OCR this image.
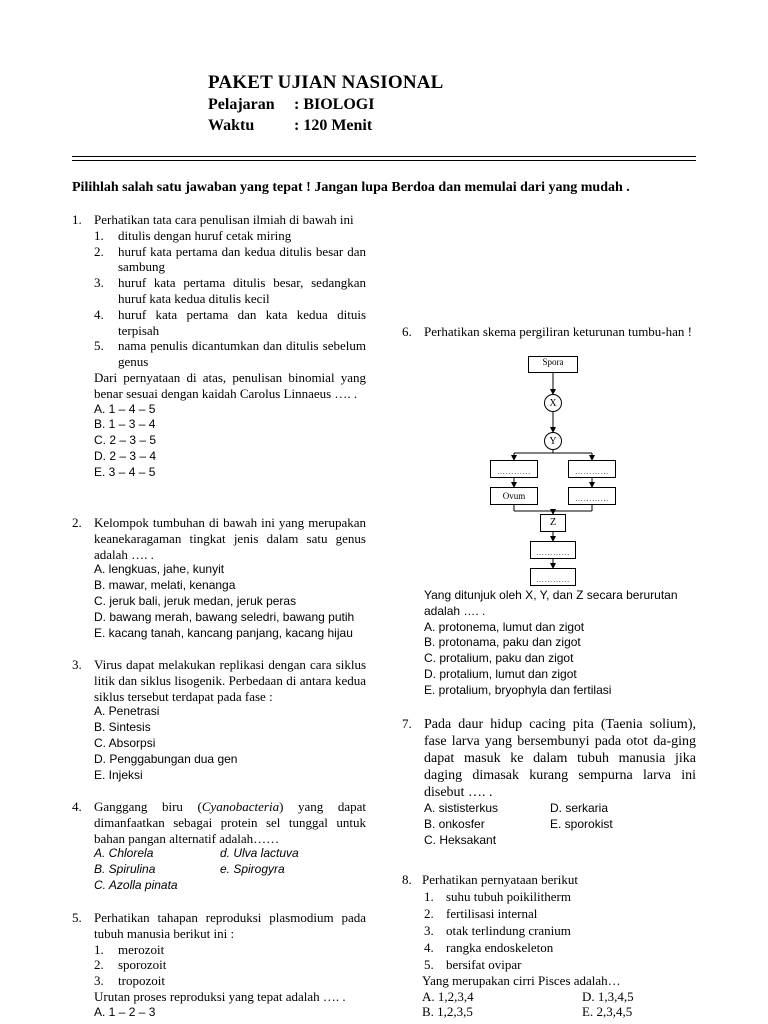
PAKET UJIAN NASIONAL
Pelajaran : BIOLOGI
Waktu : 120 Menit
Pilihlah salah satu jawaban yang tepat ! Jangan lupa Berdoa dan memulai dari yang mudah .
1. Perhatikan tata cara penulisan ilmiah di bawah ini
1. ditulis dengan huruf cetak miring
2. huruf kata pertama dan kedua ditulis besar dan sambung
3. huruf kata pertama ditulis besar, sedangkan huruf kata kedua ditulis kecil
4. huruf kata pertama dan kata kedua dituis terpisah
5. nama penulis dicantumkan dan ditulis sebelum genus
Dari pernyataan di atas, penulisan binomial yang benar sesuai dengan kaidah Carolus Linnaeus …. .
A. 1 – 4 – 5
B. 1 – 3 – 4
C. 2 – 3 – 5
D. 2 – 3 – 4
E. 3 – 4 – 5
2. Kelompok tumbuhan di bawah ini yang merupakan keanekaragaman tingkat jenis dalam satu genus adalah …. .
A. lengkuas, jahe, kunyit
B. mawar, melati, kenanga
C. jeruk bali, jeruk medan, jeruk peras
D. bawang merah, bawang seledri, bawang putih
E. kacang tanah, kancang panjang, kacang hijau
3. Virus dapat melakukan replikasi dengan cara siklus litik dan siklus lisogenik. Perbedaan di antara kedua siklus tersebut terdapat pada fase :
A. Penetrasi
B. Sintesis
C. Absorpsi
D. Penggabungan dua gen
E. Injeksi
4. Ganggang biru (Cyanobacteria) yang dapat dimanfaatkan sebagai protein sel tunggal untuk bahan pangan alternatif adalah……
A. Chlorela	d. Ulva lactuva
B. Spirulina	e. Spirogyra
C. Azolla pinata
5. Perhatikan tahapan reproduksi plasmodium pada tubuh manusia berikut ini :
1. merozoit
2. sporozoit
3. tropozoit
Urutan proses reproduksi yang tepat adalah …. .
A. 1 – 2 – 3
6. Perhatikan skema pergiliran keturunan tumbu-han !
Yang ditunjuk oleh X, Y, dan Z secara berurutan adalah …. .
A. protonema, lumut dan zigot
B. protonama, paku dan zigot
C. protalium, paku dan zigot
D. protalium, lumut dan zigot
E. protalium, bryophyla dan fertilasi
7. Pada daur hidup cacing pita (Taenia solium), fase larva yang bersembunyi pada otot da-ging dapat masuk ke dalam tubuh manusia jika daging dimasak kurang sempurna larva ini disebut …. .
A. sististerkus	D. serkaria
B. onkosfer	E. sporokist
C. Heksakant
8. Perhatikan pernyataan berikut
1. suhu tubuh poikilitherm
2. fertilisasi internal
3. otak terlindung cranium
4. rangka endoskeleton
5. bersifat ovipar
Yang merupakan cirri Pisces adalah…
A. 1,2,3,4	D. 1,3,4,5
B. 1,2,3,5	E. 2,3,4,5
Spora
X
Y
…………	…………
Ovum	…………
Z
…………
…………
